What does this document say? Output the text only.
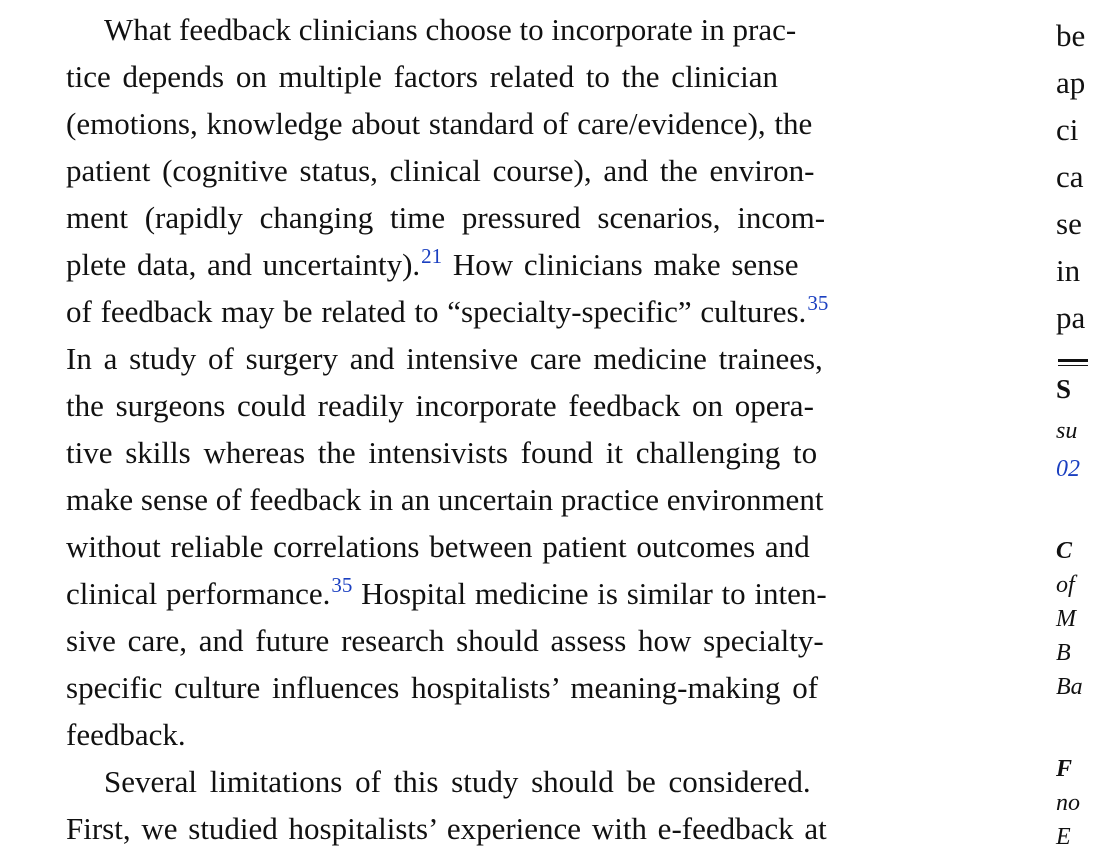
What feedback clinicians choose to incorporate in prac-
tice depends on multiple factors related to the clinician
(emotions, knowledge about standard of care/evidence), the
patient (cognitive status, clinical course), and the environ-
ment (rapidly changing time pressured scenarios, incom-
plete data, and uncertainty).$^{21}$ How clinicians make sense
of feedback may be related to “specialty-specific” cultures.$^{35}$
In a study of surgery and intensive care medicine trainees,
the surgeons could readily incorporate feedback on opera-
tive skills whereas the intensivists found it challenging to
make sense of feedback in an uncertain practice environment
without reliable correlations between patient outcomes and
clinical performance.$^{35}$ Hospital medicine is similar to inten-
sive care, and future research should assess how specialty-
specific culture influences hospitalists’ meaning-making of
feedback.
Several limitations of this study should be considered.
First, we studied hospitalists’ experience with e-feedback at
be
ap
ci
ca
se
in
pa
S
su
02
C
of
M
B
Ba
F
no
E
